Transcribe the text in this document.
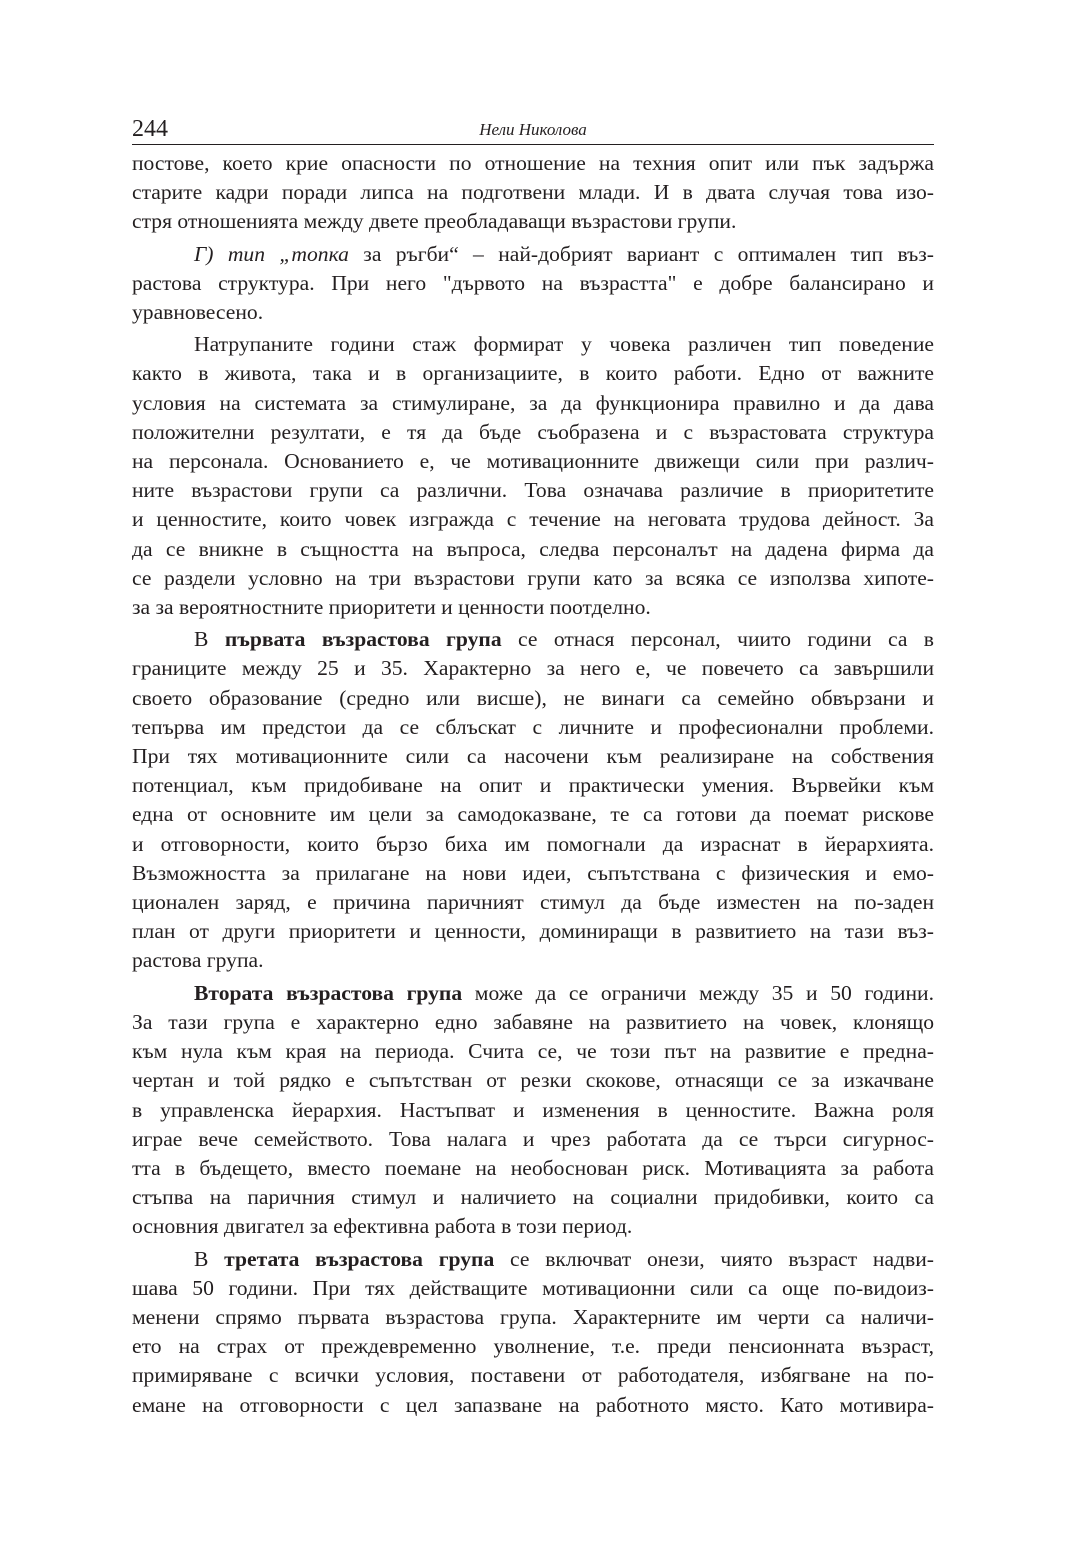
244	Нели Николова
постове, което крие опасности по отношение на техния опит или пък задържа
старите кадри поради липса на подготвени млади. И в двата случая това изо-
стря отношенията между двете преобладаващи възрастови групи.
Г) тип „топка за ръгби“ – най-добрият вариант с оптимален тип въз-
растова структура. При него "дървото на възрастта" е добре балансирано и
уравновесено.
Натрупаните години стаж формират у човека различен тип поведение
както в живота, така и в организациите, в които работи. Едно от важните
условия на системата за стимулиране, за да функционира правилно и да дава
положителни резултати, е тя да бъде съобразена и с възрастовата структура
на персонала. Основанието е, че мотивационните движещи сили при различ-
ните възрастови групи са различни. Това означава различие в приоритетите
и ценностите, които човек изгражда с течение на неговата трудова дейност. За
да се вникне в същността на въпроса, следва персоналът на дадена фирма да
се раздели условно на три възрастови групи като за всяка се използва хипоте-
за за вероятностните приоритети и ценности поотделно.
В първата възрастова група се отнася персонал, чиито години са в
границите между 25 и 35. Характерно за него е, че повечето са завършили
своето образование (средно или висше), не винаги са семейно обвързани и
тепърва им предстои да се сблъскат с личните и професионални проблеми.
При тях мотивационните сили са насочени към реализиране на собствения
потенциал, към придобиване на опит и практически умения. Вървейки към
една от основните им цели за самодоказване, те са готови да поемат рискове
и отговорности, които бързо биха им помогнали да израснат в йерархията.
Възможността за прилагане на нови идеи, съпътствана с физическия и емо-
ционален заряд, е причина паричният стимул да бъде изместен на по-заден
план от други приоритети и ценности, доминиращи в развитието на тази въз-
растова група.
Втората възрастова група може да се ограничи между 35 и 50 години.
За тази група е характерно едно забавяне на развитието на човек, клонящо
към нула към края на периода. Счита се, че този път на развитие е предна-
чертан и той рядко е съпътстван от резки скокове, отнасящи се за изкачване
в управленска йерархия. Настъпват и изменения в ценностите. Важна роля
играе вече семейството. Това налага и чрез работата да се търси сигурнос-
тта в бъдещето, вместо поемане на необоснован риск. Мотивацията за работа
стъпва на паричния стимул и наличието на социални придобивки, които са
основния двигател за ефективна работа в този период.
В третата възрастова група се включват онези, чиято възраст надви-
шава 50 години. При тях действащите мотивационни сили са още по-видоиз-
менени спрямо първата възрастова група. Характерните им черти са наличи-
ето на страх от преждевременно уволнение, т.е. преди пенсионната възраст,
примиряване с всички условия, поставени от работодателя, избягване на по-
емане на отговорности с цел запазване на работното място. Като мотивира-
